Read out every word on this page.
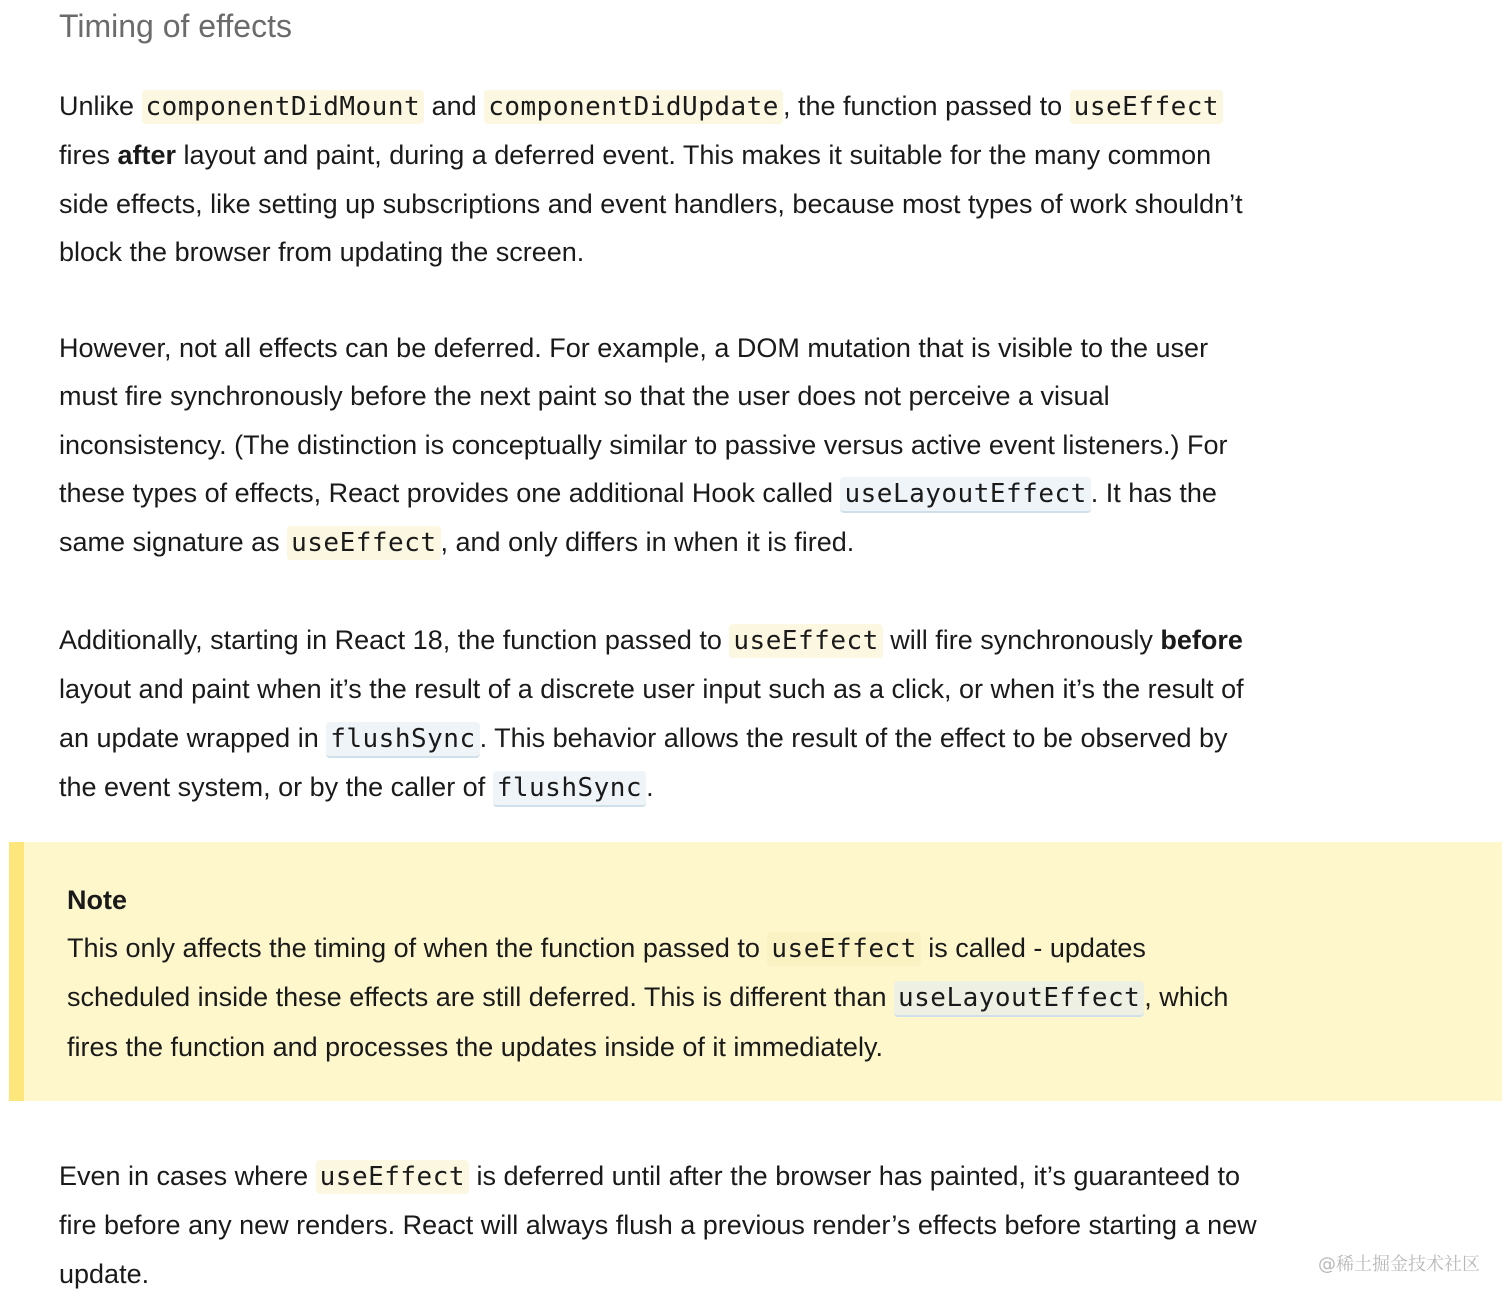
Timing of effects

Unlike componentDidMount and componentDidUpdate , the function passed to useEffect fires after layout and paint, during a deferred event. This makes it suitable for the many common side effects, like setting up subscriptions and event handlers, because most types of work shouldn’t block the browser from updating the screen.

However, not all effects can be deferred. For example, a DOM mutation that is visible to the user must fire synchronously before the next paint so that the user does not perceive a visual inconsistency. (The distinction is conceptually similar to passive versus active event listeners.) For these types of effects, React provides one additional Hook called useLayoutEffect . It has the same signature as useEffect , and only differs in when it is fired.

Additionally, starting in React 18, the function passed to useEffect will fire synchronously before layout and paint when it’s the result of a discrete user input such as a click, or when it’s the result of an update wrapped in flushSync . This behavior allows the result of the effect to be observed by the event system, or by the caller of flushSync .

Note

This only affects the timing of when the function passed to useEffect is called - updates scheduled inside these effects are still deferred. This is different than useLayoutEffect , which fires the function and processes the updates inside of it immediately.

Even in cases where useEffect is deferred until after the browser has painted, it’s guaranteed to fire before any new renders. React will always flush a previous render’s effects before starting a new update.	@稀土掘金技术社区
